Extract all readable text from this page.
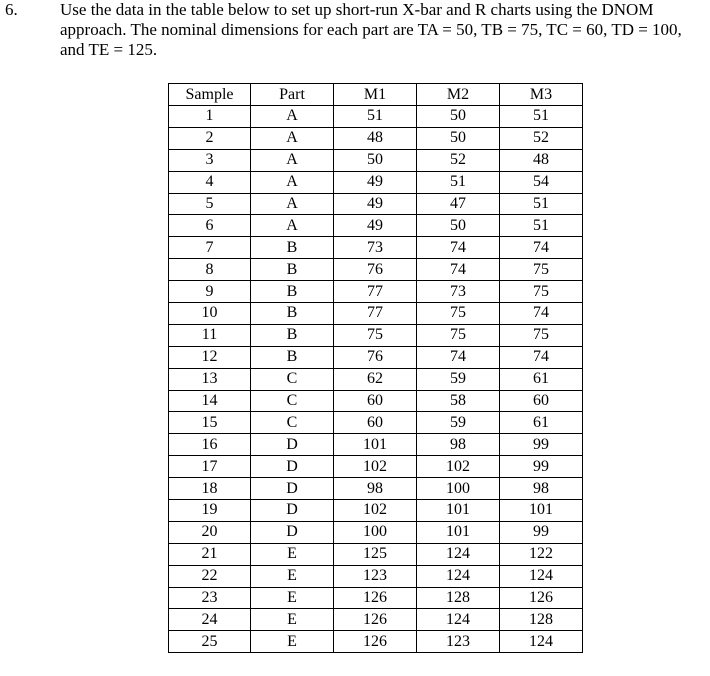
6. Use the data in the table below to set up short-run X-bar and R charts using the DNOM approach. The nominal dimensions for each part are TA = 50, TB = 75, TC = 60, TD = 100, and TE = 125.

Sample	Part	M1	M2	M3
1	A	51	50	51
2	A	48	50	52
3	A	50	52	48
4	A	49	51	54
5	A	49	47	51
6	A	49	50	51
7	B	73	74	74
8	B	76	74	75
9	B	77	73	75
10	B	77	75	74
11	B	75	75	75
12	B	76	74	74
13	C	62	59	61
14	C	60	58	60
15	C	60	59	61
16	D	101	98	99
17	D	102	102	99
18	D	98	100	98
19	D	102	101	101
20	D	100	101	99
21	E	125	124	122
22	E	123	124	124
23	E	126	128	126
24	E	126	124	128
25	E	126	123	124
